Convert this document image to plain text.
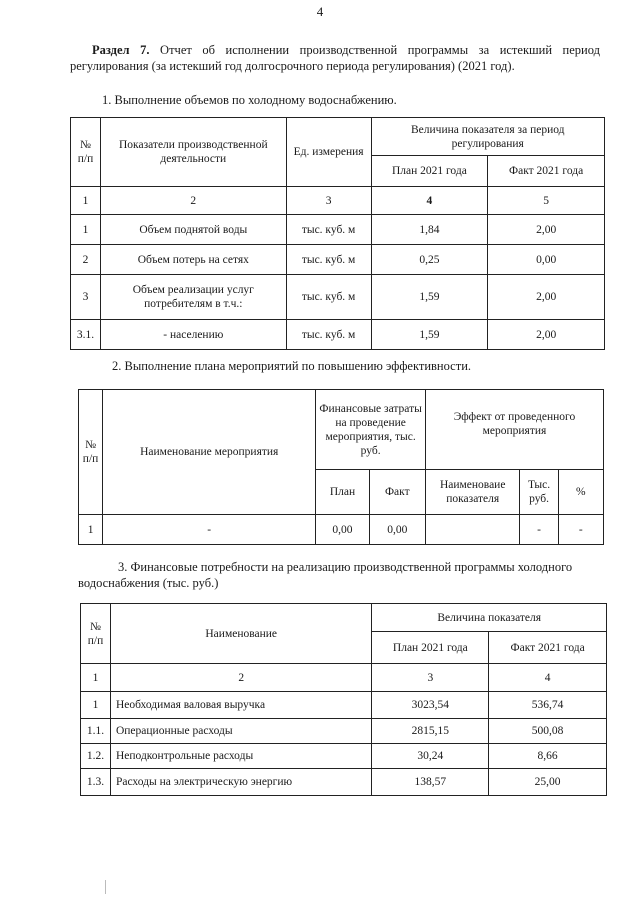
4

Раздел 7. Отчет об исполнении производственной программы за истекший период регулирования (за истекший год долгосрочного периода регулирования) (2021 год).

1. Выполнение объемов по холодному водоснабжению.
№ п/п	Показатели производственной деятельности	Ед. измерения	Величина показателя за период регулирования	
			План 2021 года	Факт 2021 года
1	2	3	4	5
1	Объем поднятой воды	тыс. куб. м	1,84	2,00
2	Объем потерь на сетях	тыс. куб. м	0,25	0,00
3	Объем реализации услуг потребителям в т.ч.:	тыс. куб. м	1,59	2,00
3.1.	- населению	тыс. куб. м	1,59	2,00
2. Выполнение плана мероприятий по повышению эффективности.
№ п/п	Наименование мероприятия	Финансовые затраты на проведение мероприятия, тыс. руб.		Эффект от проведенного мероприятия		
		План	Факт	Наименоваие показателя	Тыс. руб.	%
1	-	0,00	0,00		-	-

3. Финансовые потребности на реализацию производственной программы холодного водоснабжения (тыс. руб.)

№ п/п	Наименование	Величина показателя	
		План 2021 года	Факт 2021 года
1	2	3	4
1	Необходимая валовая выручка	3023,54	536,74
1.1.	Операционные расходы	2815,15	500,08
1.2.	Неподконтрольные расходы	30,24	8,66
1.3.	Расходы на электрическую энергию	138,57	25,00
